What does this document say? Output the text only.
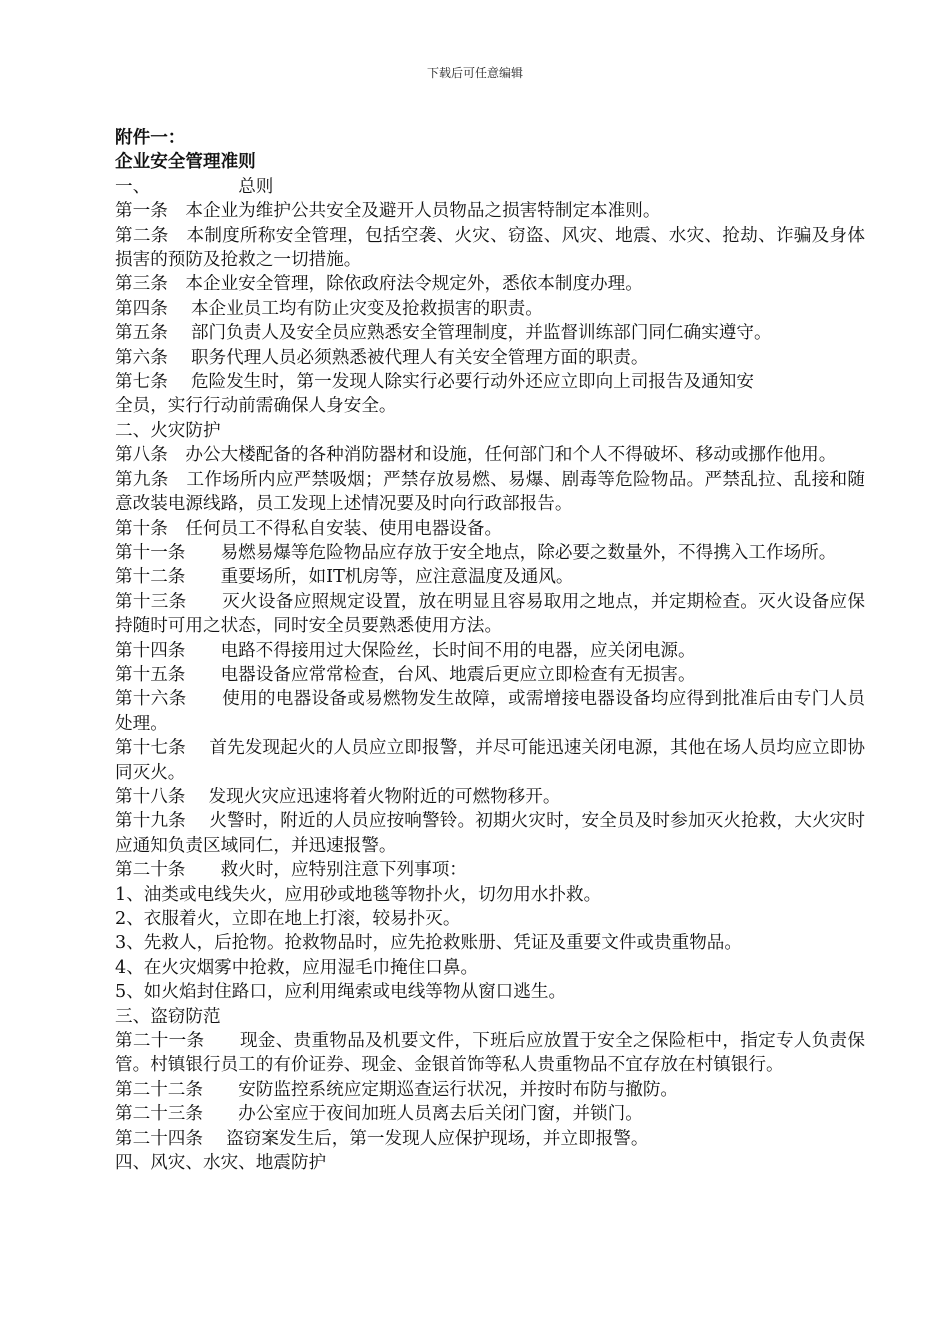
下载后可任意编辑

附件一：

企业安全管理准则

一、	总则

第一条　本企业为维护公共安全及避开人员物品之损害特制定本准则。

第二条　本制度所称安全管理，包括空袭、火灾、窃盗、风灾、地震、水灾、抢劫、诈骗及身体损害的预防及抢救之一切措施。

第三条　本企业安全管理，除依政府法令规定外，悉依本制度办理。

第四条　 本企业员工均有防止灾变及抢救损害的职责。

第五条　 部门负责人及安全员应熟悉安全管理制度，并监督训练部门同仁确实遵守。

第六条　 职务代理人员必须熟悉被代理人有关安全管理方面的职责。

第七条　 危险发生时，第一发现人除实行必要行动外还应立即向上司报告及通知安

全员，实行行动前需确保人身安全。

二、火灾防护

第八条　办公大楼配备的各种消防器材和设施，任何部门和个人不得破坏、移动或挪作他用。

第九条　工作场所内应严禁吸烟；严禁存放易燃、易爆、剧毒等危险物品。严禁乱拉、乱接和随意改装电源线路，员工发现上述情况要及时向行政部报告。

第十条　任何员工不得私自安装、使用电器设备。

第十一条　　易燃易爆等危险物品应存放于安全地点，除必要之数量外，不得携入工作场所。

第十二条　　重要场所，如IT机房等，应注意温度及通风。

第十三条　　灭火设备应照规定设置，放在明显且容易取用之地点，并定期检查。灭火设备应保持随时可用之状态，同时安全员要熟悉使用方法。

第十四条　　电路不得接用过大保险丝，长时间不用的电器，应关闭电源。

第十五条　　电器设备应常常检查，台风、地震后更应立即检查有无损害。

第十六条　　使用的电器设备或易燃物发生故障，或需增接电器设备均应得到批准后由专门人员处理。

第十七条　 首先发现起火的人员应立即报警，并尽可能迅速关闭电源，其他在场人员均应立即协同灭火。

第十八条　 发现火灾应迅速将着火物附近的可燃物移开。

第十九条　 火警时，附近的人员应按响警铃。初期火灾时，安全员及时参加灭火抢救，大火灾时应通知负责区域同仁，并迅速报警。

第二十条　　救火时，应特别注意下列事项：

1、油类或电线失火，应用砂或地毯等物扑火，切勿用水扑救。

2、衣服着火，立即在地上打滚，较易扑灭。

3、先救人，后抢物。抢救物品时，应先抢救账册、凭证及重要文件或贵重物品。

4、在火灾烟雾中抢救，应用湿毛巾掩住口鼻。

5、如火焰封住路口，应利用绳索或电线等物从窗口逃生。

三、盗窃防范

第二十一条　　现金、贵重物品及机要文件，下班后应放置于安全之保险柜中，指定专人负责保管。村镇银行员工的有价证券、现金、金银首饰等私人贵重物品不宜存放在村镇银行。

第二十二条　　安防监控系统应定期巡查运行状况，并按时布防与撤防。

第二十三条　　办公室应于夜间加班人员离去后关闭门窗，并锁门。

第二十四条　 盗窃案发生后，第一发现人应保护现场，并立即报警。

四、风灾、水灾、地震防护
